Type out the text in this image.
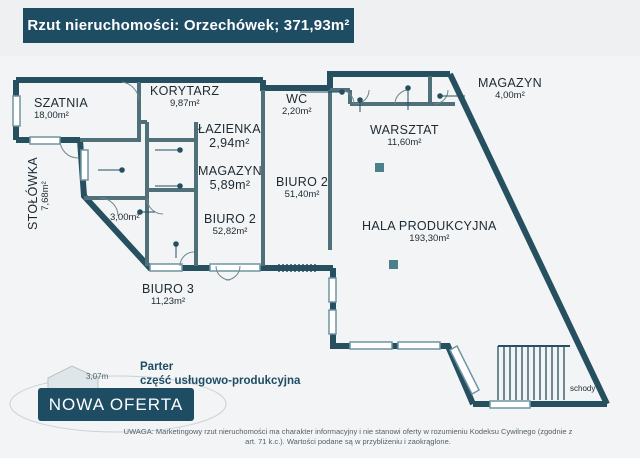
Rzut nieruchomości: Orzechówek; 371,93m²
SZATNIA
18,00m²
KORYTARZ
9,87m²
ŁAZIENKA
2,94m²
MAGAZYN
5,89m²
WC
2,20m²
WARSZTAT
11,60m²
MAGAZYN
4,00m²
STOŁÓWKA 7,68m²
3,00m²	BIURO 2
52,82m²
BIURO 2
51,40m²
HALA PRODUKCYJNA
193,30m²
BIURO 3
11,23m²
schody
Parter
część usługowo-produkcyjna
3,07m
NOWA OFERTA
UWAGA: Marketingowy rzut nieruchomości ma charakter informacyjny i nie stanowi oferty w rozumieniu Kodeksu Cywilnego (zgodnie z art. 71 k.c.). Wartości podane są w przybliżeniu i zaokrąglone.
